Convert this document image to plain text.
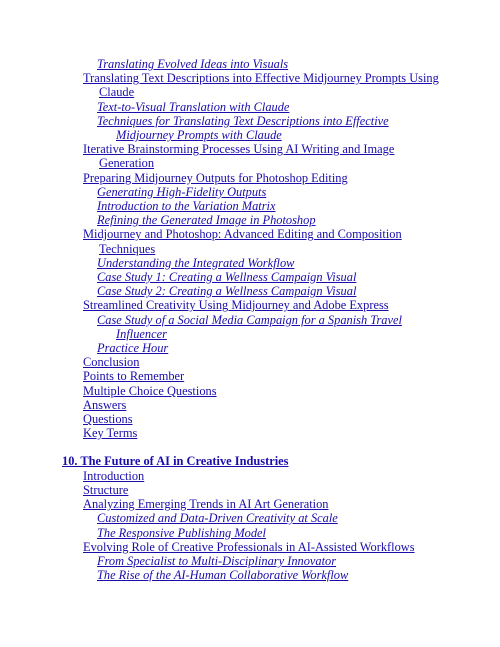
Translating Evolved Ideas into Visuals
Translating Text Descriptions into Effective Midjourney Prompts Using
Claude
Text-to-Visual Translation with Claude
Techniques for Translating Text Descriptions into Effective
Midjourney Prompts with Claude
Iterative Brainstorming Processes Using AI Writing and Image
Generation
Preparing Midjourney Outputs for Photoshop Editing
Generating High-Fidelity Outputs
Introduction to the Variation Matrix
Refining the Generated Image in Photoshop
Midjourney and Photoshop: Advanced Editing and Composition
Techniques
Understanding the Integrated Workflow
Case Study 1: Creating a Wellness Campaign Visual
Case Study 2: Creating a Wellness Campaign Visual
Streamlined Creativity Using Midjourney and Adobe Express
Case Study of a Social Media Campaign for a Spanish Travel
Influencer
Practice Hour
Conclusion
Points to Remember
Multiple Choice Questions
Answers
Questions
Key Terms
10. The Future of AI in Creative Industries
Introduction
Structure
Analyzing Emerging Trends in AI Art Generation
Customized and Data-Driven Creativity at Scale
The Responsive Publishing Model
Evolving Role of Creative Professionals in AI-Assisted Workflows
From Specialist to Multi-Disciplinary Innovator
The Rise of the AI-Human Collaborative Workflow
